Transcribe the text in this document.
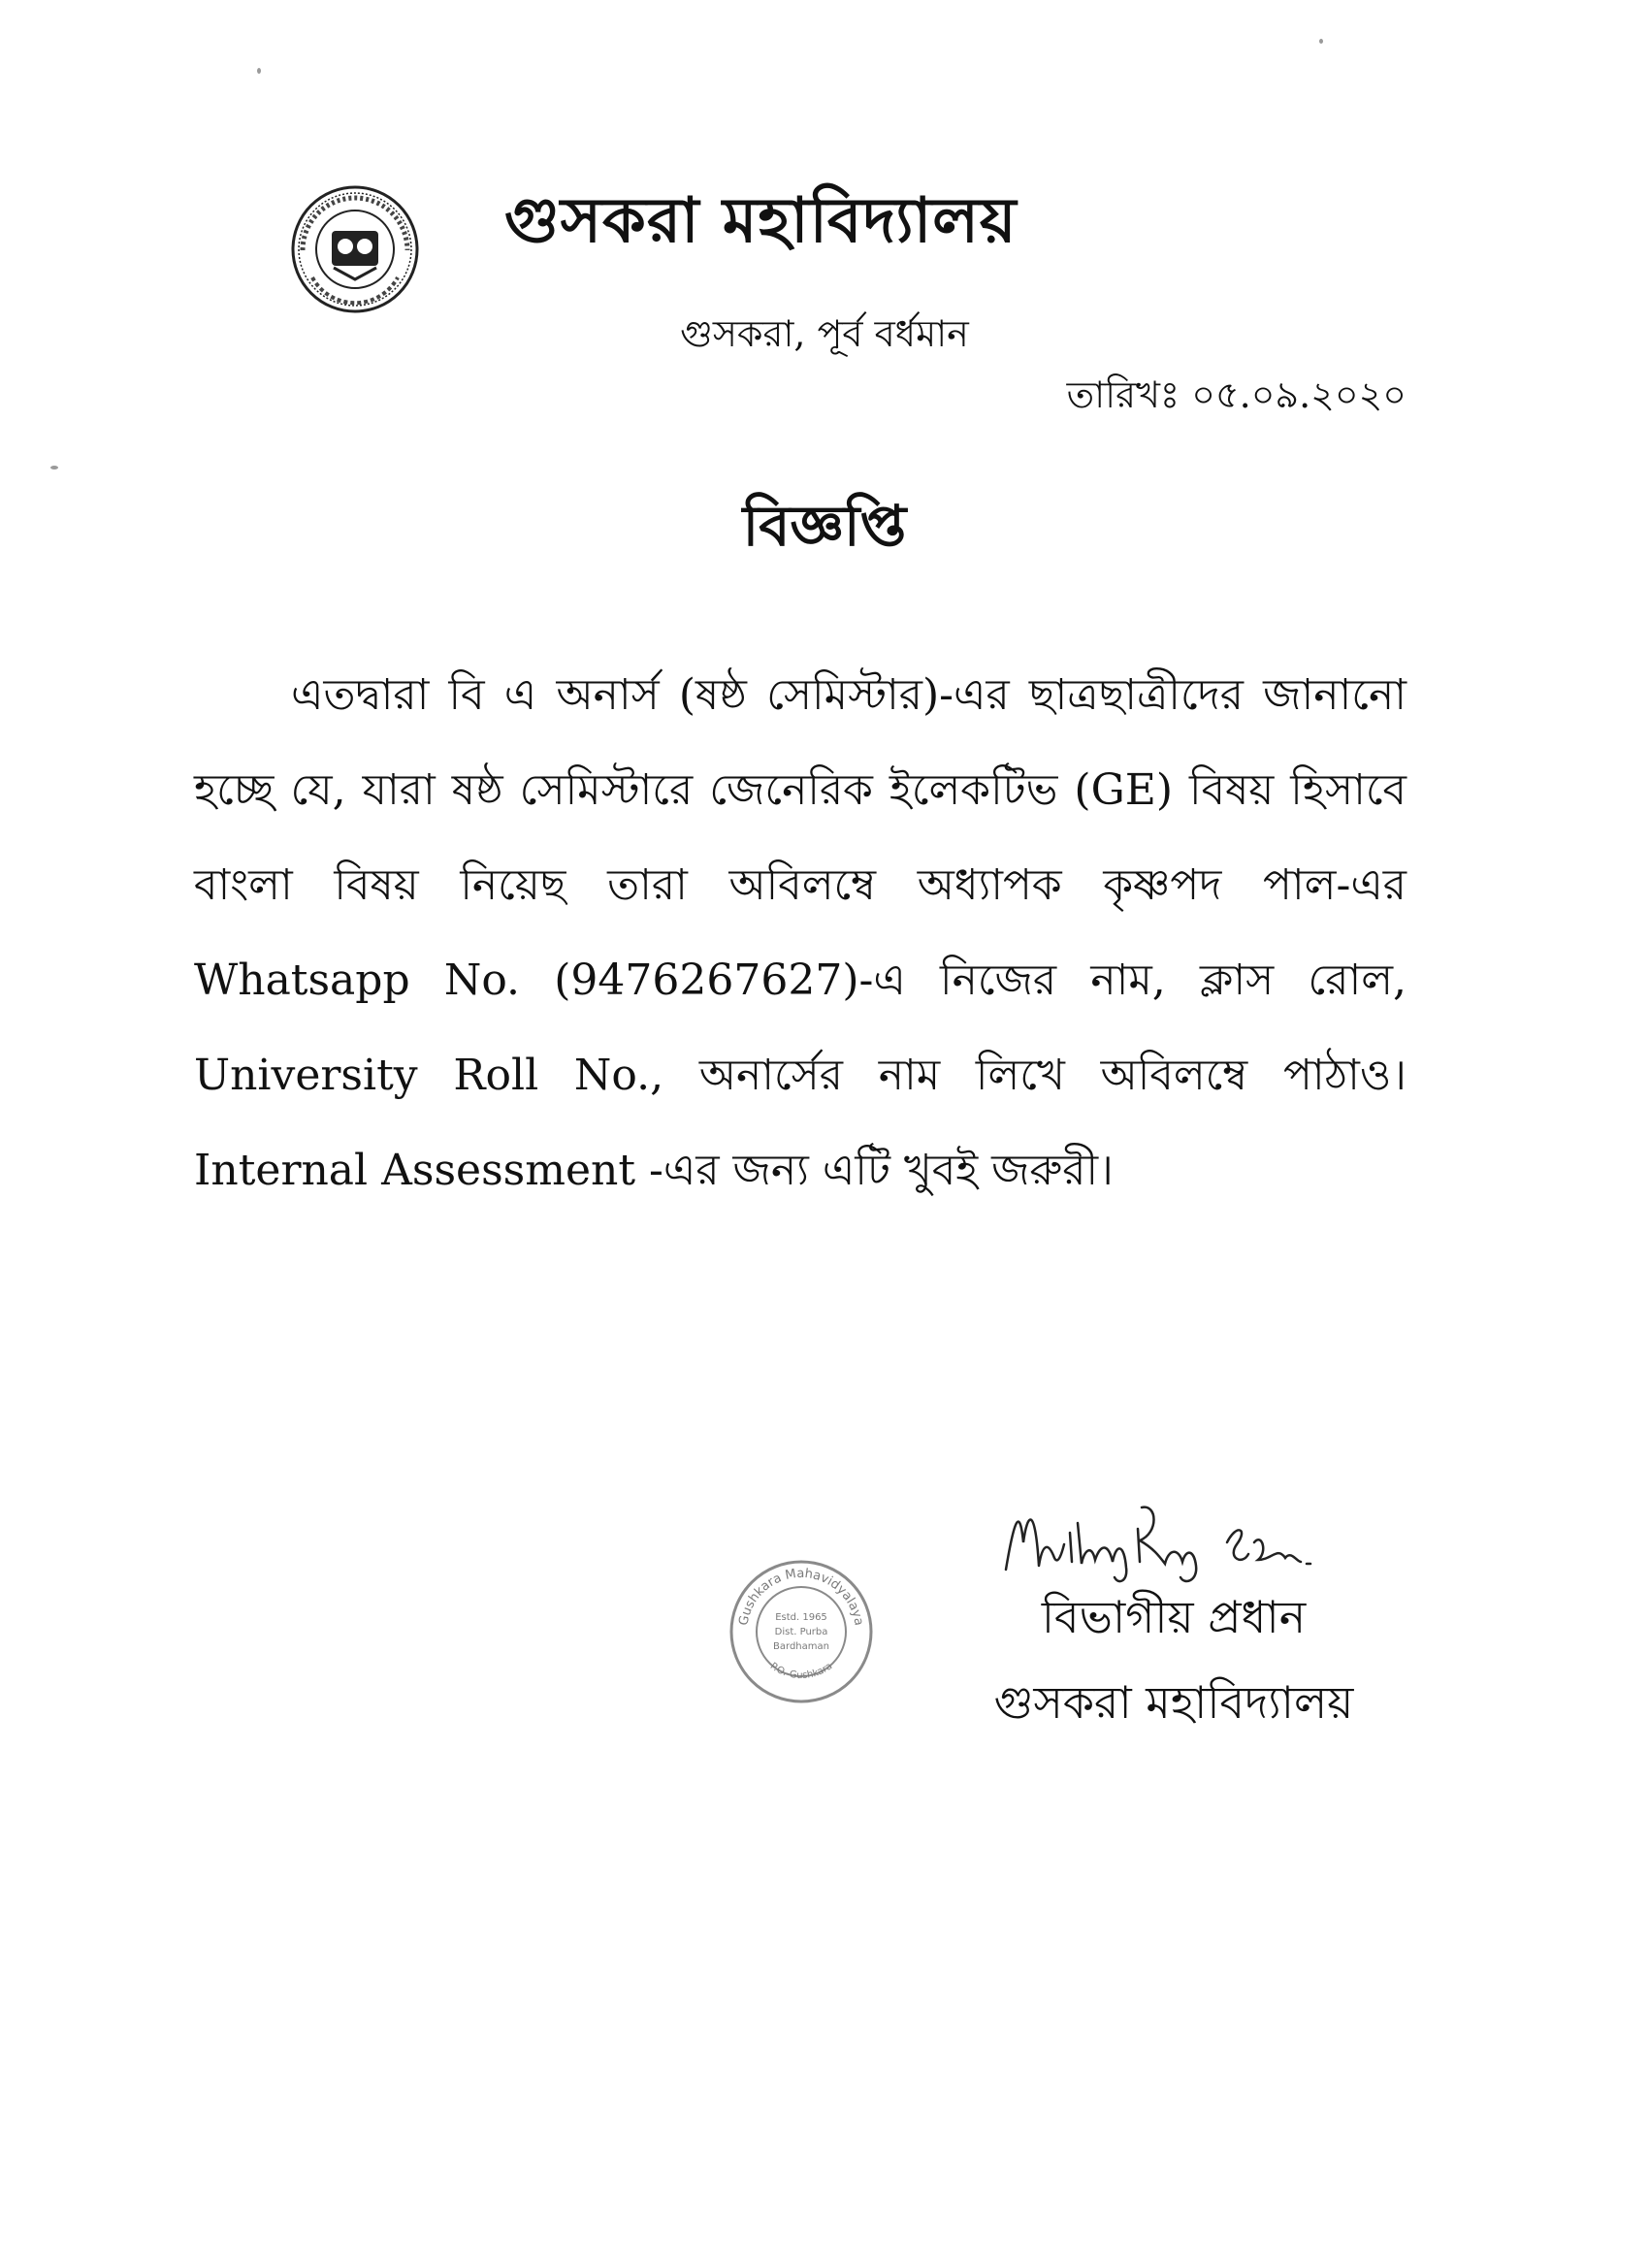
গুসকরা মহাবিদ্যালয়
গুসকরা, পূর্ব বর্ধমান
তারিখঃ ০৫.০৯.২০২০
বিজ্ঞপ্তি
এতদ্বারা বি এ অনার্স (ষষ্ঠ সেমিস্টার)-এর ছাত্রছাত্রীদের জানানো হচ্ছে যে, যারা ষষ্ঠ সেমিস্টারে জেনেরিক ইলেকটিভ (GE) বিষয় হিসাবে বাংলা বিষয় নিয়েছ তারা অবিলম্বে অধ্যাপক কৃষ্ণপদ পাল-এর Whatsapp No. (9476267627)-এ নিজের নাম, ক্লাস রোল, University Roll No., অনার্সের নাম লিখে অবিলম্বে পাঠাও। Internal Assessment -এর জন্য এটি খুবই জরুরী।
Gushkara Mahavidyalaya
P.O.-Gushkara
Estd. 1965
Dist. Purba
Bardhaman
বিভাগীয় প্রধান
গুসকরা মহাবিদ্যালয়
